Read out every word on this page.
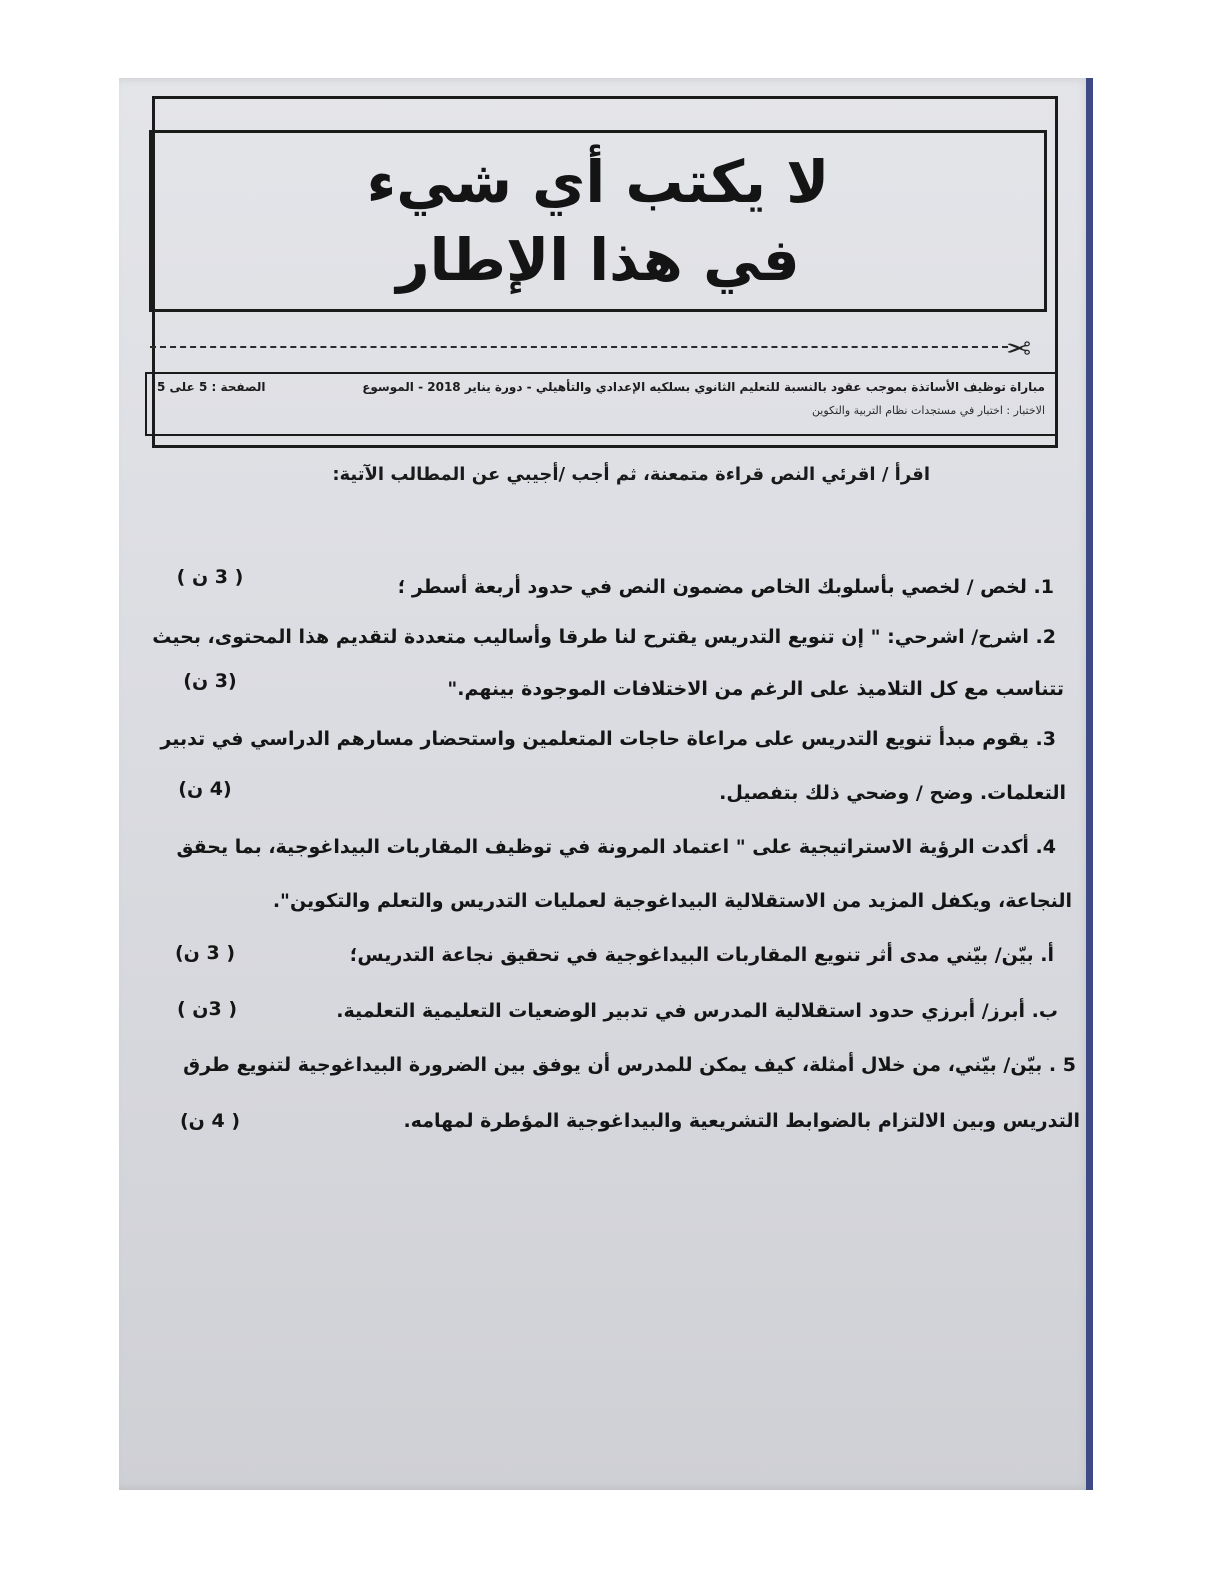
لا يكتب أي شيء
في هذا الإطار
✂
مباراة توظيف الأساتذة بموجب عقود بالنسبة للتعليم الثانوي بسلكيه الإعدادي والتأهيلي - دورة يناير 2018 - الموسوع
الصفحة : 5 على 5
الاختبار : اختبار في مستجدات نظام التربية والتكوين
اقرأ / اقرئي النص قراءة متمعنة، ثم أجب /أجيبي عن المطالب الآتية:
1. لخص / لخصي بأسلوبك الخاص مضمون النص في حدود أربعة أسطر ؛
( 3 ن )
2. اشرح/ اشرحي: " إن تنويع التدريس يقترح لنا طرقا وأساليب متعددة لتقديم هذا المحتوى، بحيث
تتناسب مع كل التلاميذ على الرغم من الاختلافات الموجودة بينهم."
(3 ن)
3. يقوم مبدأ تنويع التدريس على مراعاة حاجات المتعلمين واستحضار مسارهم الدراسي في تدبير
التعلمات. وضح / وضحي ذلك بتفصيل.
(4 ن)
4. أكدت الرؤية الاستراتيجية على " اعتماد المرونة في توظيف المقاربات البيداغوجية، بما يحقق
النجاعة، ويكفل المزيد من الاستقلالية البيداغوجية لعمليات التدريس والتعلم والتكوين".
أ. بيّن/ بيّني مدى أثر تنويع المقاربات البيداغوجية في تحقيق نجاعة التدريس؛
( 3 ن)
ب. أبرز/ أبرزي حدود استقلالية المدرس في تدبير الوضعيات التعليمية التعلمية.
( 3ن )
5 . بيّن/ بيّني، من خلال أمثلة، كيف يمكن للمدرس أن يوفق بين الضرورة البيداغوجية لتنويع طرق
التدريس وبين الالتزام بالضوابط التشريعية والبيداغوجية المؤطرة لمهامه.
( 4 ن)
